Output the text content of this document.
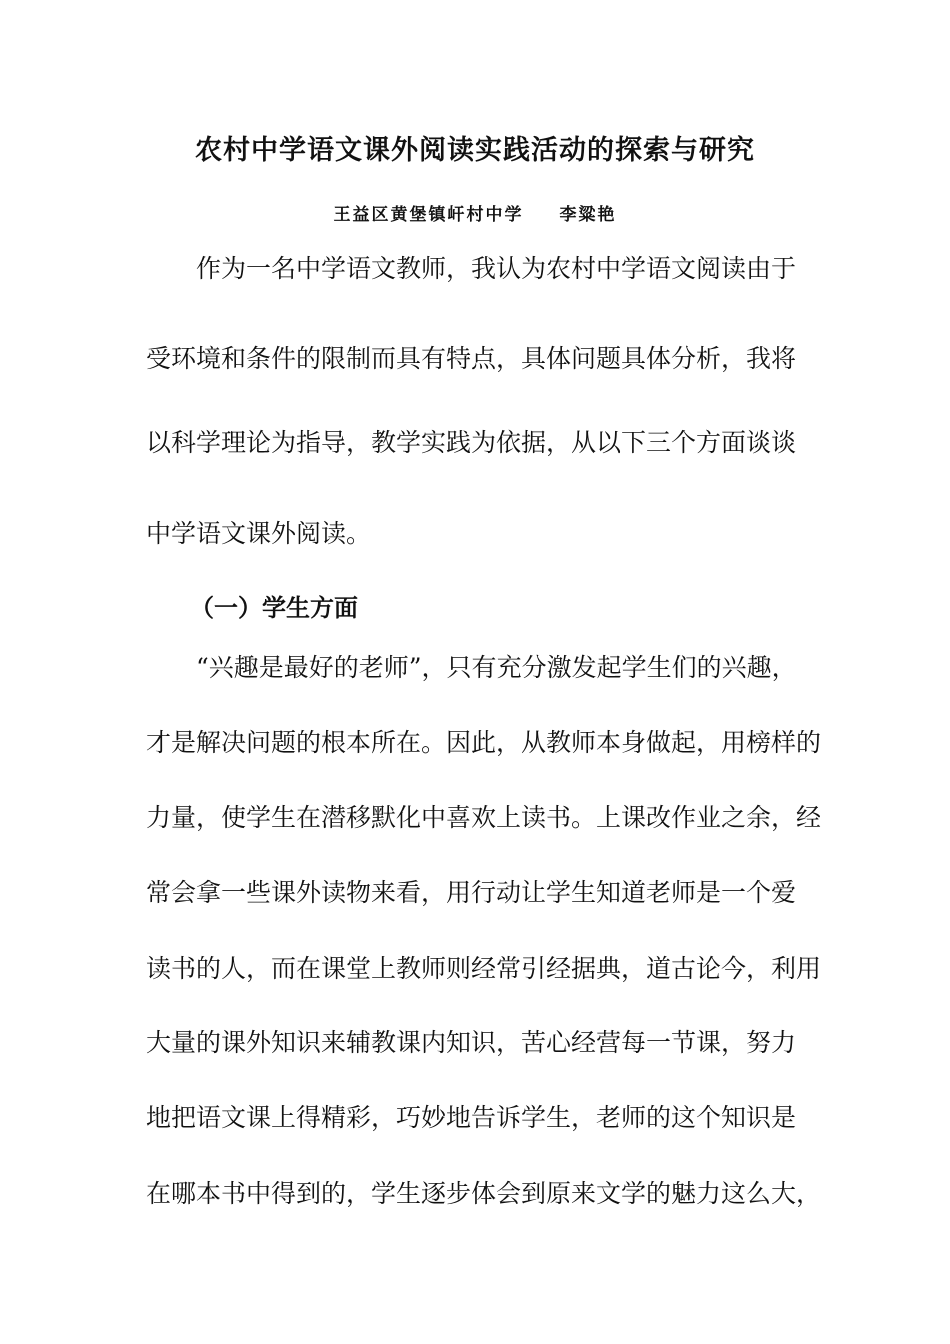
农村中学语文课外阅读实践活动的探索与研究
王益区黄堡镇屽村中学 李粱艳
作为一名中学语文教师，我认为农村中学语文阅读由于
受环境和条件的限制而具有特点，具体问题具体分析，我将
以科学理论为指导，教学实践为依据，从以下三个方面谈谈
中学语文课外阅读。
（一）学生方面
“兴趣是最好的老师”，只有充分激发起学生们的兴趣，
才是解决问题的根本所在。因此，从教师本身做起，用榜样的
力量，使学生在潜移默化中喜欢上读书。上课改作业之余，经
常会拿一些课外读物来看，用行动让学生知道老师是一个爱
读书的人，而在课堂上教师则经常引经据典，道古论今，利用
大量的课外知识来辅教课内知识，苦心经营每一节课，努力
地把语文课上得精彩，巧妙地告诉学生，老师的这个知识是
在哪本书中得到的，学生逐步体会到原来文学的魅力这么大，
